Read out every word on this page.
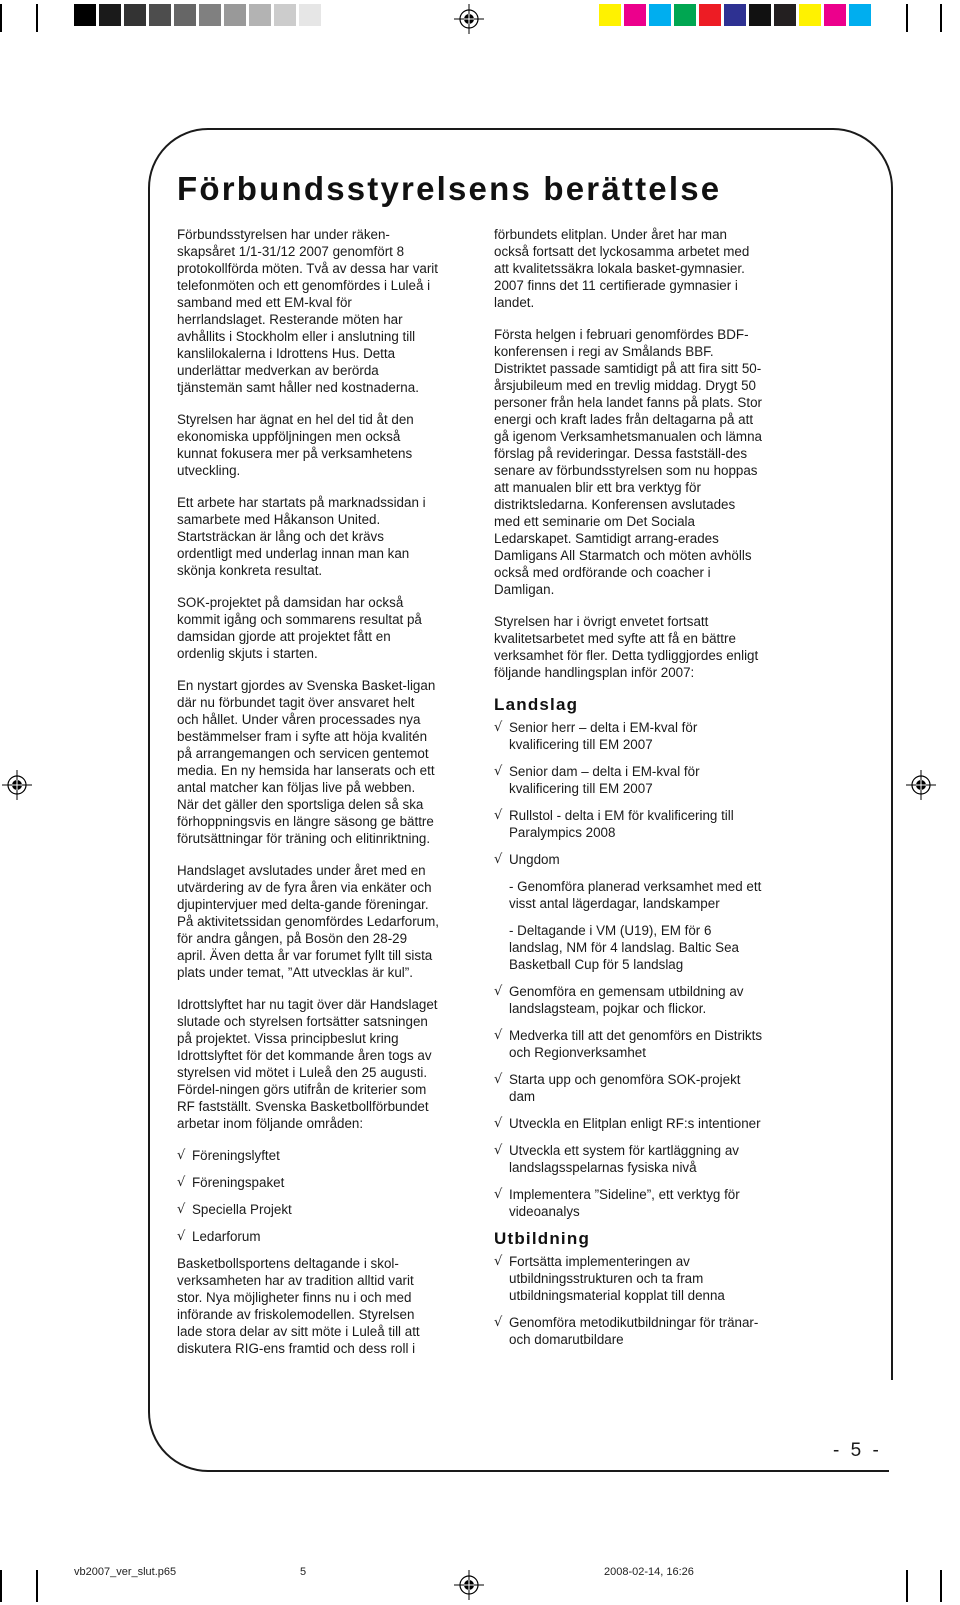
Förbundsstyrelsens berättelse

Förbundsstyrelsen har under räken-skapsåret 1/1-31/12 2007 genomfört 8 protokollförda möten. Två av dessa har varit telefonmöten och ett genomfördes i Luleå i samband med ett EM-kval för herrlandslaget. Resterande möten har avhållits i Stockholm eller i anslutning till kanslilokalerna i Idrottens Hus. Detta underlättar medverkan av berörda tjänstemän samt håller ned kostnaderna.

Styrelsen har ägnat en hel del tid åt den ekonomiska uppföljningen men också kunnat fokusera mer på verksamhetens utveckling.

Ett arbete har startats på marknadssidan i samarbete med Håkanson United. Startsträckan är lång och det krävs ordentligt med underlag innan man kan skönja konkreta resultat.

SOK-projektet på damsidan har också kommit igång och sommarens resultat på damsidan gjorde att projektet fått en ordenlig skjuts i starten.

En nystart gjordes av Svenska Basket-ligan där nu förbundet tagit över ansvaret helt och hållet. Under våren processades nya bestämmelser fram i syfte att höja kvalitén på arrangemangen och servicen gentemot media. En ny hemsida har lanserats och ett antal matcher kan följas live på webben. När det gäller den sportsliga delen så ska förhoppningsvis en längre säsong ge bättre förutsättningar för träning och elitinriktning.

Handslaget avslutades under året med en utvärdering av de fyra åren via enkäter och djupintervjuer med delta-gande föreningar. På aktivitetssidan genomfördes Ledarforum, för andra gången, på Bosön den 28-29 april. Även detta år var forumet fyllt till sista plats under temat, ”Att utvecklas är kul”.

Idrottslyftet har nu tagit över där Handslaget slutade och styrelsen fortsätter satsningen på projektet. Vissa principbeslut kring Idrottslyftet för det kommande åren togs av styrelsen vid mötet i Luleå den 25 augusti. Fördel-ningen görs utifrån de kriterier som RF fastställt. Svenska Basketbollförbundet arbetar inom följande områden:

√ Föreningslyftet
√ Föreningspaket
√ Speciella Projekt
√ Ledarforum

Basketbollsportens deltagande i skol-verksamheten har av tradition alltid varit stor. Nya möjligheter finns nu i och med införande av friskolemodellen. Styrelsen lade stora delar av sitt möte i Luleå till att diskutera RIG-ens framtid och dess roll i

förbundets elitplan. Under året har man också fortsatt det lyckosamma arbetet med att kvalitetssäkra lokala basket-gymnasier. 2007 finns det 11 certifierade gymnasier i landet.

Första helgen i februari genomfördes BDF-konferensen i regi av Smålands BBF. Distriktet passade samtidigt på att fira sitt 50-årsjubileum med en trevlig middag. Drygt 50 personer från hela landet fanns på plats. Stor energi och kraft lades från deltagarna på att gå igenom Verksamhetsmanualen och lämna förslag på revideringar. Dessa fastställ-des senare av förbundsstyrelsen som nu hoppas att manualen blir ett bra verktyg för distriktsledarna. Konferensen avslutades med ett seminarie om Det Sociala Ledarskapet. Samtidigt arrang-erades Damligans All Starmatch och möten avhölls också med ordförande och coacher i Damligan.

Styrelsen har i övrigt envetet fortsatt kvalitetsarbetet med syfte att få en bättre verksamhet för fler. Detta tydliggjordes enligt följande handlingsplan inför 2007:

Landslag
√ Senior herr – delta i EM-kval för kvalificering till EM 2007
√ Senior dam – delta i EM-kval för kvalificering till EM 2007
√ Rullstol - delta i EM för kvalificering till Paralympics 2008
√ Ungdom
- Genomföra planerad verksamhet med ett visst antal lägerdagar, landskamper
- Deltagande i VM (U19), EM för 6 landslag, NM för 4 landslag. Baltic Sea Basketball Cup för 5 landslag
√ Genomföra en gemensam utbildning av landslagsteam, pojkar och flickor.
√ Medverka till att det genomförs en Distrikts och Regionverksamhet
√ Starta upp och genomföra SOK-projekt dam
√ Utveckla en Elitplan enligt RF:s intentioner
√ Utveckla ett system för kartläggning av landslagsspelarnas fysiska nivå
√ Implementera ”Sideline”, ett verktyg för videoanalys
Utbildning
√ Fortsätta implementeringen av utbildningsstrukturen och ta fram utbildningsmaterial kopplat till denna
√ Genomföra metodikutbildningar för tränar- och domarutbildare
- 5 -
vb2007_ver_slut.p65	5	2008-02-14, 16:26
